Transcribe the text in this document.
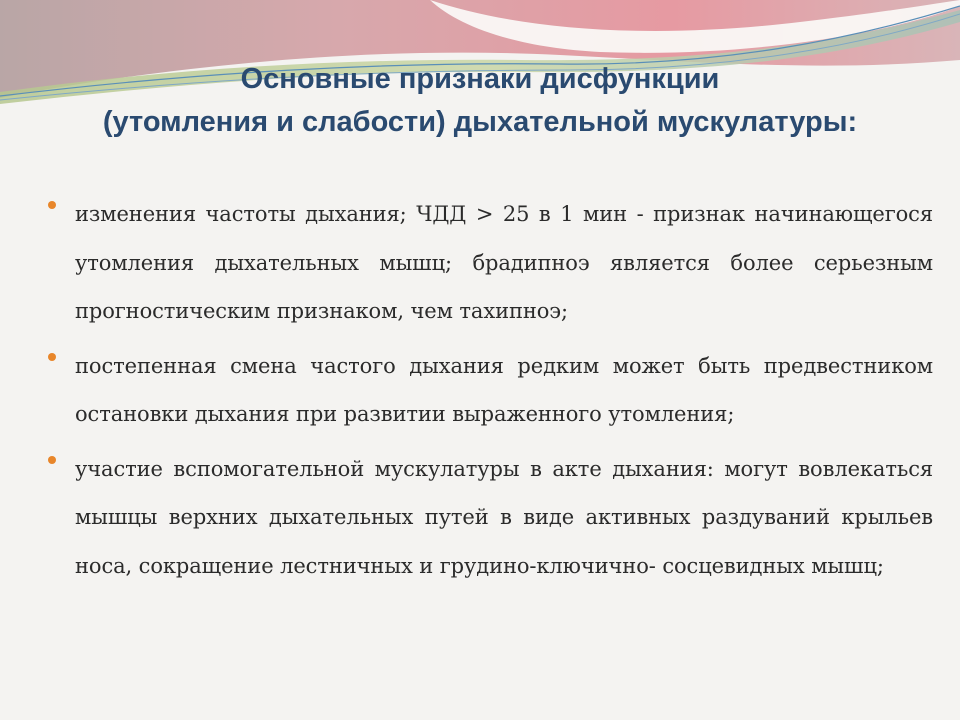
Основные признаки дисфункции
(утомления и слабости) дыхательной мускулатуры:
изменения частоты дыхания; ЧДД > 25 в 1 мин - признак начинающегося утомления дыхательных мышц; брадипноэ является более серьезным прогностическим признаком, чем тахипноэ;
постепенная смена частого дыхания редким может быть предвестником остановки дыхания при развитии выраженного утомления;
участие вспомогательной мускулатуры в акте дыхания: могут вовлекаться мышцы верхних дыхательных путей в виде активных раздуваний крыльев носа, сокращение лестничных и грудино-ключично- сосцевидных мышц;
